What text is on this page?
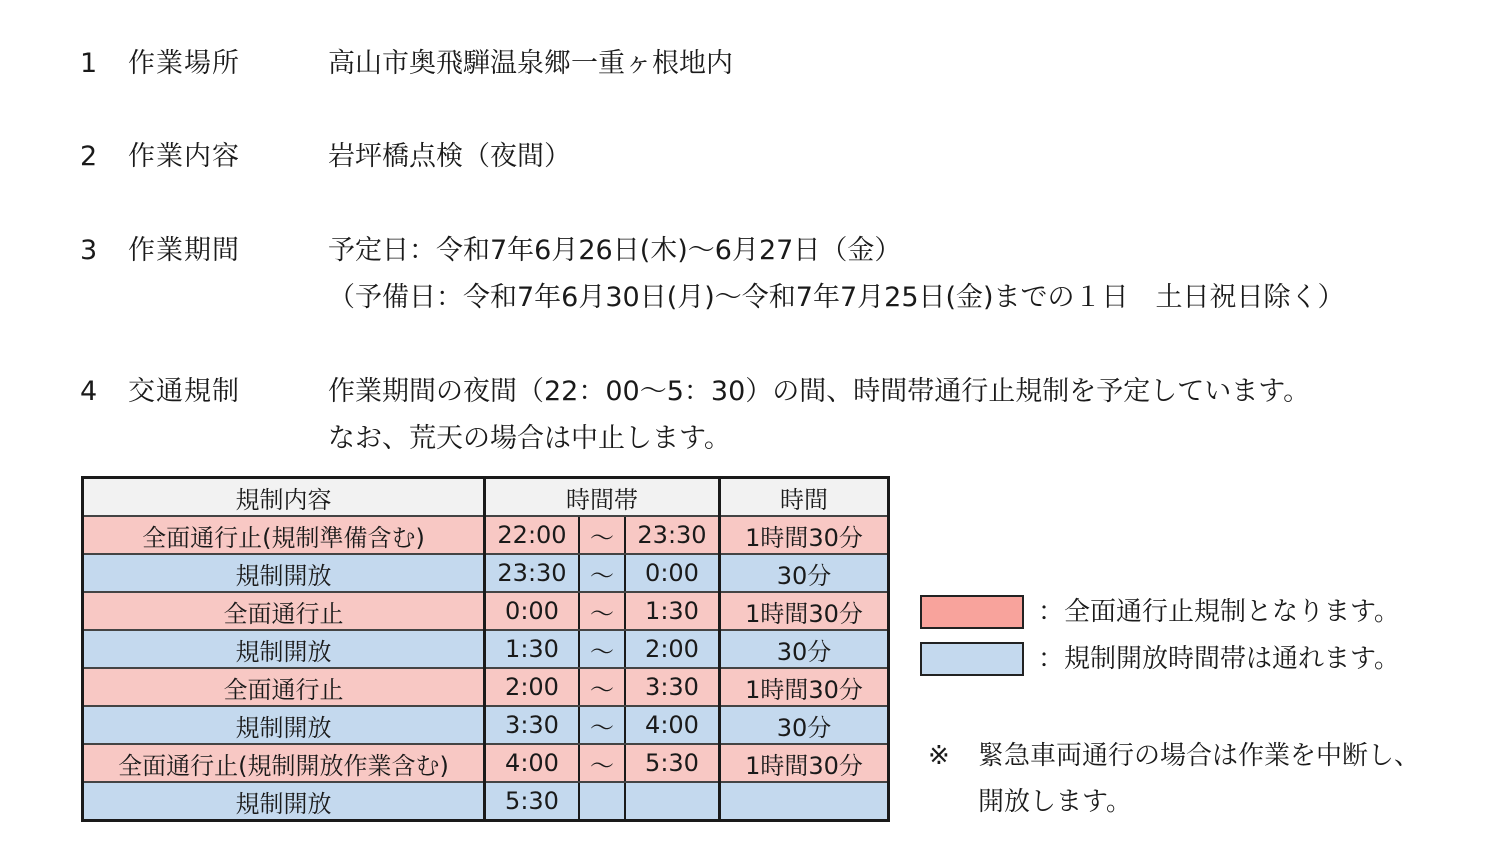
1 作業場所	高山市奥飛騨温泉郷一重ヶ根地内
2 作業内容	岩坪橋点検（夜間）
3 作業期間	予定日：令和7年6月26日(木)～6月27日（金）
（予備日：令和7年6月30日(月)～令和7年7月25日(金)までの１日　土日祝日除く）
4 交通規制	作業期間の夜間（22：00～5：30）の間、時間帯通行止規制を予定しています。
なお、荒天の場合は中止します。
規制内容	時間帯			時間
全面通行止(規制準備含む)	22:00	～	23:30	1時間30分
規制開放	23:30	～	0:00	30分
全面通行止	0:00	～	1:30	1時間30分
規制開放	1:30	～	2:00	30分
全面通行止	2:00	～	3:30	1時間30分
規制開放	3:30	～	4:00	30分
全面通行止(規制開放作業含む)	4:00	～	5:30	1時間30分
規制開放	5:30			
：全面通行止規制となります。
：規制開放時間帯は通れます。
※ 緊急車両通行の場合は作業を中断し、
開放します。
